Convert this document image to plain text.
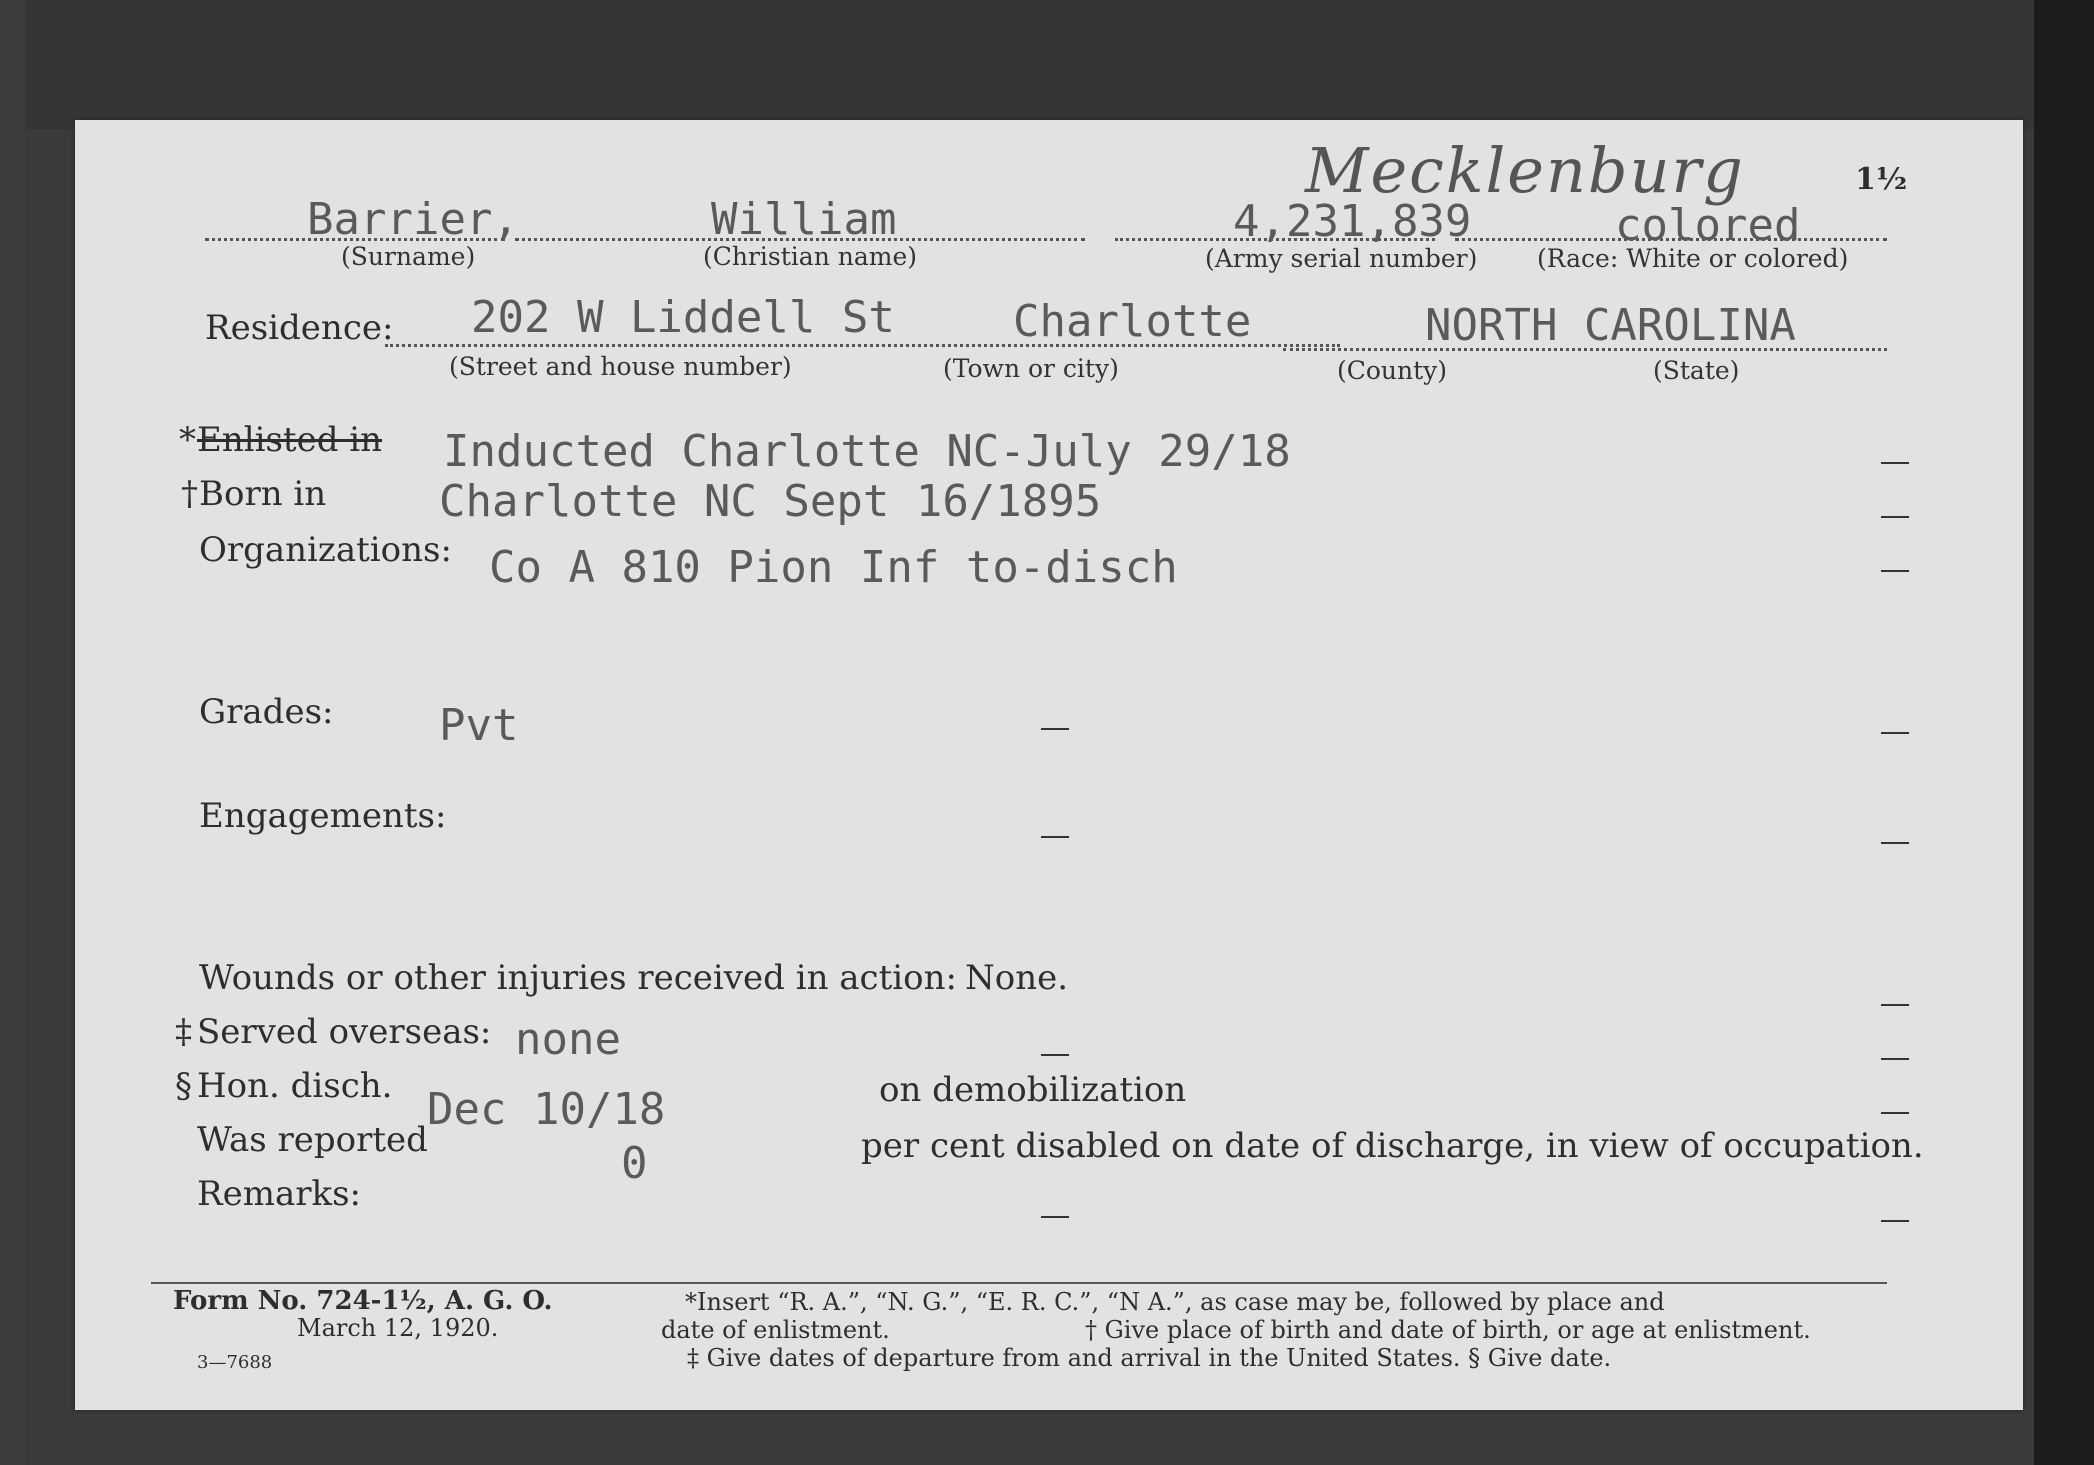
Mecklenburg	1½
Barrier,	William	4,231,839	colored
(Surname)	(Christian name)	(Army serial number) (Race: White or colored)
Residence: 202 W Liddell St	Charlotte	NORTH CAROLINA
(Street and house number)	(Town or city)	(County)	(State)
* Enlisted in Inducted Charlotte NC-July 29/18
† Born in	Charlotte NC Sept 16/1895
Organizations: Co A 810 Pion Inf to-disch
Grades: Pvt
Engagements:
Wounds or other injuries received in action: None.
‡ Served overseas: none
§ Hon. disch. Dec 10/18	on demobilization
Was reported	0	per cent disabled on date of discharge, in view of occupation.
Remarks:
Form No. 724-1½, A. G. O.
March 12, 1920.
3—7688
*Insert “R. A.”, “N. G.”, “E. R. C.”, “N A.”, as case may be, followed by place and
date of enlistment.	† Give place of birth and date of birth, or age at enlistment.
‡ Give dates of departure from and arrival in the United States. § Give date.
